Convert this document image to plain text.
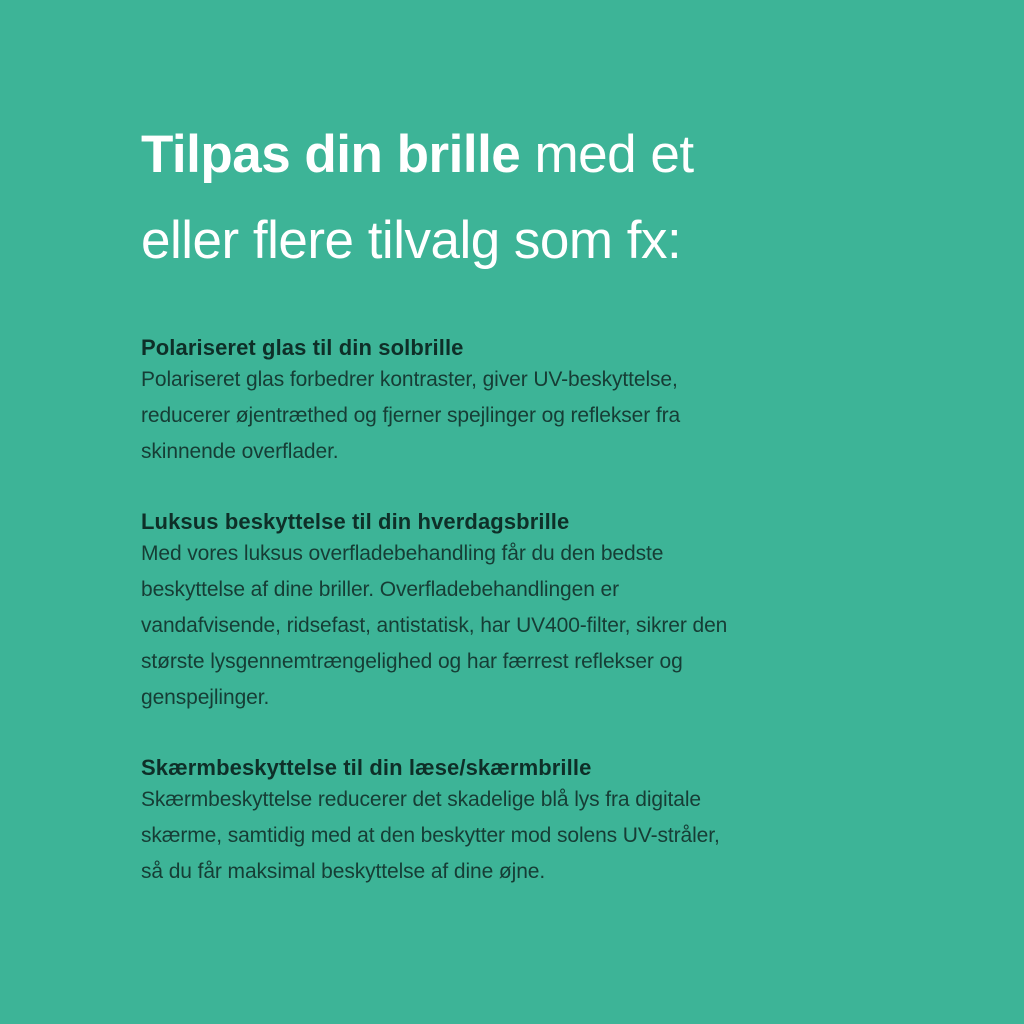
Tilpas din brille med et
eller flere tilvalg som fx:

Polariseret glas til din solbrille

Polariseret glas forbedrer kontraster, giver UV-beskyttelse,
reducerer øjentræthed og fjerner spejlinger og reflekser fra
skinnende overflader.

Luksus beskyttelse til din hverdagsbrille

Med vores luksus overfladebehandling får du den bedste
beskyttelse af dine briller. Overfladebehandlingen er
vandafvisende, ridsefast, antistatisk, har UV400-filter, sikrer den
største lysgennemtrængelighed og har færrest reflekser og
genspejlinger.

Skærmbeskyttelse til din læse/skærmbrille

Skærmbeskyttelse reducerer det skadelige blå lys fra digitale
skærme, samtidig med at den beskytter mod solens UV-stråler,
så du får maksimal beskyttelse af dine øjne.
